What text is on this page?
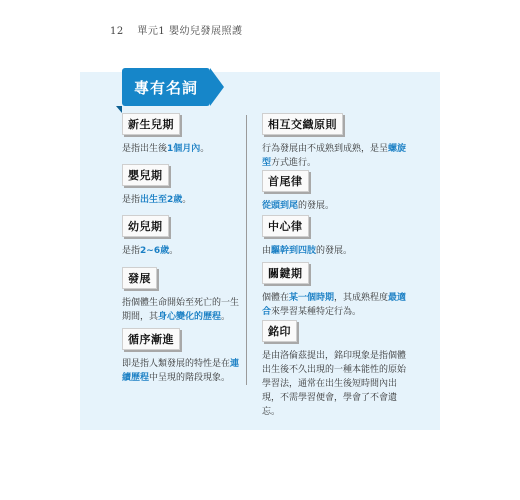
12 單元1 嬰幼兒發展照護
專有名詞
新生兒期
是指出生後1個月內。
嬰兒期
是指出生至2歲。
幼兒期
是指2∼6歲。
發展
指個體生命開始至死亡的一生期間，其身心變化的歷程。
循序漸進
即是指人類發展的特性是在連續歷程中呈現的階段現象。
相互交織原則
行為發展由不成熟到成熟，是呈螺旋型方式進行。
首尾律
從頭到尾的發展。
中心律
由驅幹到四肢的發展。
關鍵期
個體在某一個時期，其成熟程度最適合來學習某種特定行為。
銘印
是由洛倫茲提出，銘印現象是指個體出生後不久出現的一種本能性的原始學習法，通常在出生後短時間內出現，不需學習便會，學會了不會遺忘。
